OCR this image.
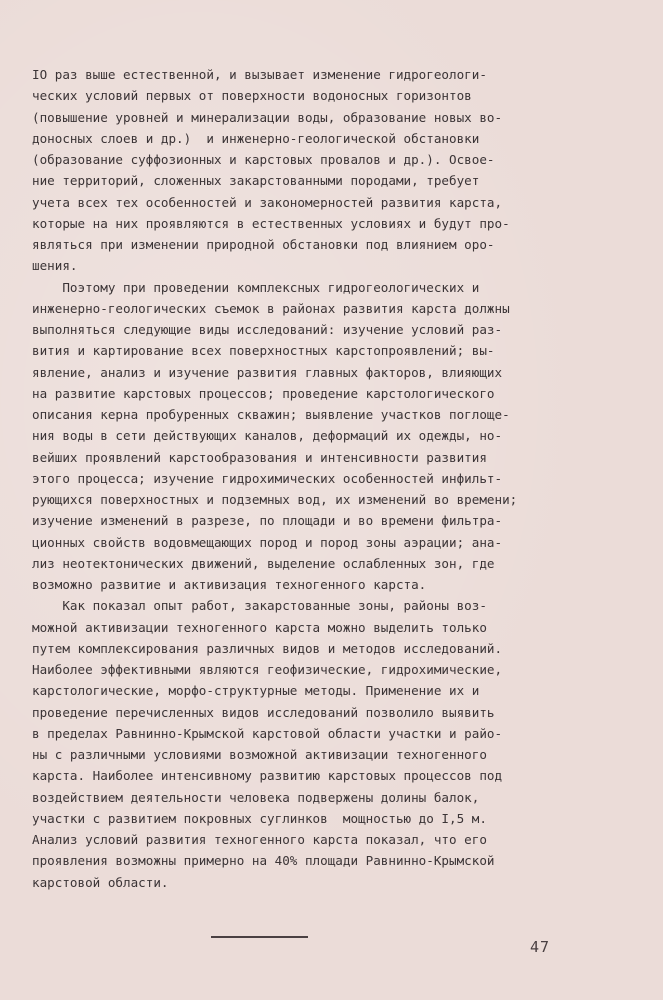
IO раз выше естественной, и вызывает изменение гидрогеологи-
ческих условий первых от поверхности водоносных горизонтов
(повышение уровней и минерализации воды, образование новых во-
доносных слоев и др.)  и инженерно-геологической обстановки
(образование суффозионных и карстовых провалов и др.). Освое-
ние территорий, сложенных закарстованными породами, требует
учета всех тех особенностей и закономерностей развития карста,
которые на них проявляются в естественных условиях и будут про-
являться при изменении природной обстановки под влиянием оро-
шения.
Поэтому при проведении комплексных гидрогеологических и
инженерно-геологических съемок в районах развития карста должны
выполняться следующие виды исследований: изучение условий раз-
вития и картирование всех поверхностных карстопроявлений; вы-
явление, анализ и изучение развития главных факторов, влияющих
на развитие карстовых процессов; проведение карстологического
описания керна пробуренных скважин; выявление участков поглоще-
ния воды в сети действующих каналов, деформаций их одежды, но-
вейших проявлений карстообразования и интенсивности развития
этого процесса; изучение гидрохимических особенностей инфильт-
рующихся поверхностных и подземных вод, их изменений во времени;
изучение изменений в разрезе, по площади и во времени фильтра-
ционных свойств водовмещающих пород и пород зоны аэрации; ана-
лиз неотектонических движений, выделение ослабленных зон, где
возможно развитие и активизация техногенного карста.
Как показал опыт работ, закарстованные зоны, районы воз-
можной активизации техногенного карста можно выделить только
путем комплексирования различных видов и методов исследований.
Наиболее эффективными являются геофизические, гидрохимические,
карстологические, морфо-структурные методы. Применение их и
проведение перечисленных видов исследований позволило выявить
в пределах Равнинно-Крымской карстовой области участки и райо-
ны с различными условиями возможной активизации техногенного
карста. Наиболее интенсивному развитию карстовых процессов под
воздействием деятельности человека подвержены долины балок,
участки с развитием покровных суглинков  мощностью до I,5 м.
Анализ условий развития техногенного карста показал, что его
проявления возможны примерно на 40% площади Равнинно-Крымской
карстовой области.
47
